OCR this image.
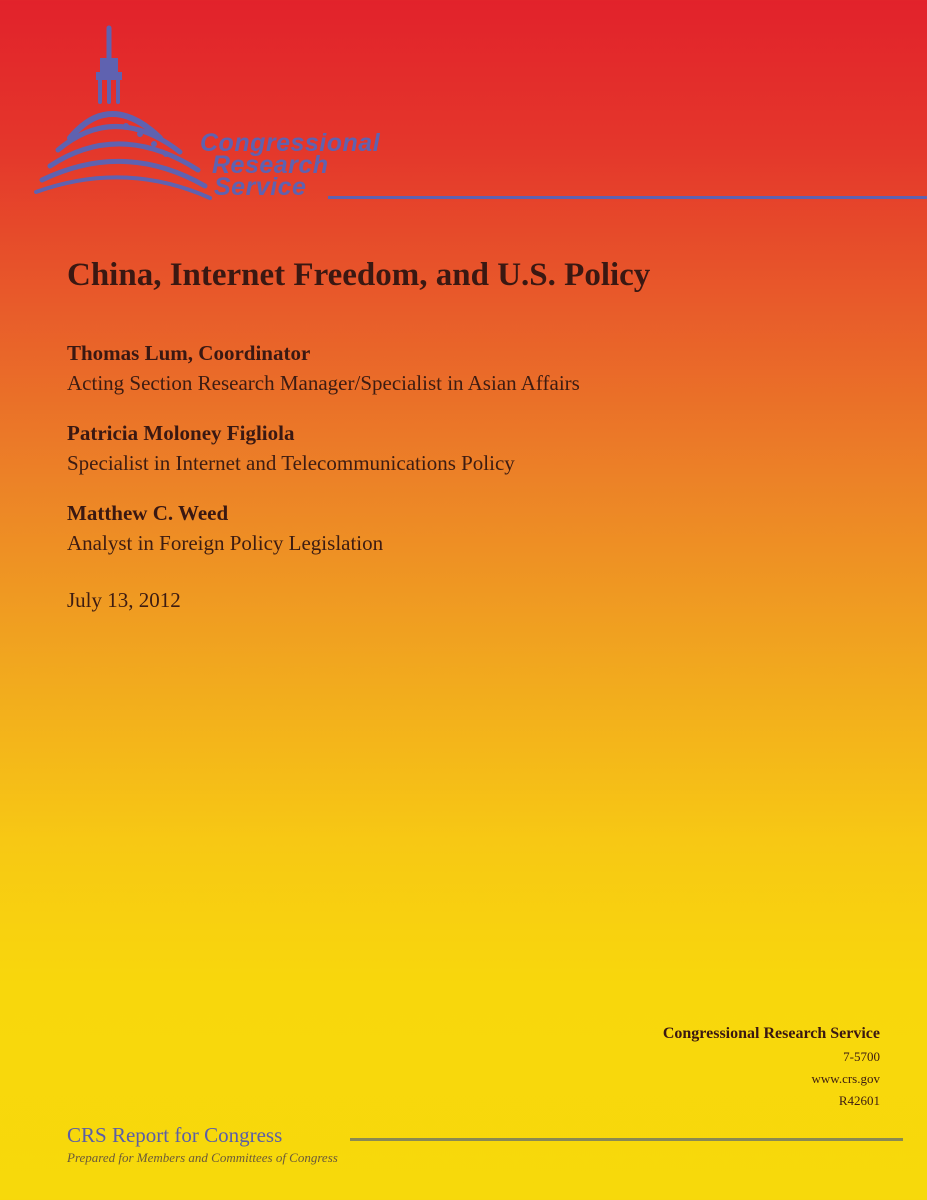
Congressional
Research
Service
China, Internet Freedom, and U.S. Policy
Thomas Lum, Coordinator
Acting Section Research Manager/Specialist in Asian Affairs
Patricia Moloney Figliola
Specialist in Internet and Telecommunications Policy
Matthew C. Weed
Analyst in Foreign Policy Legislation
July 13, 2012
Congressional Research Service
7-5700
www.crs.gov
R42601
CRS Report for Congress
Prepared for Members and Committees of Congress
